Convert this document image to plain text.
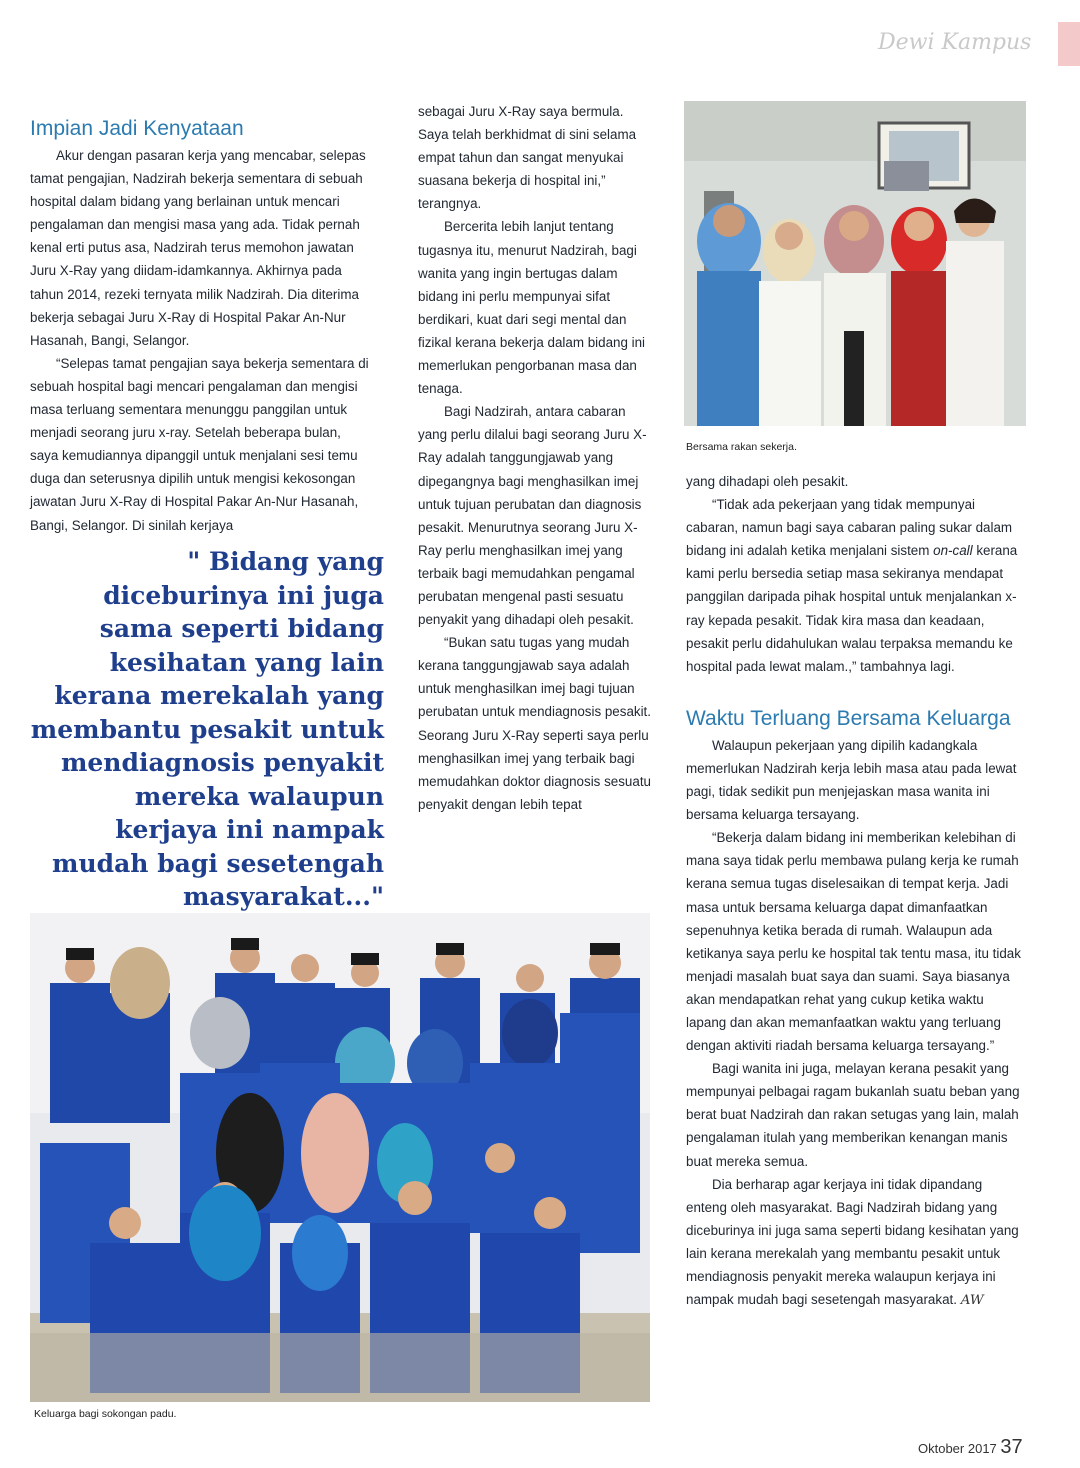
Dewi Kampus
Impian Jadi Kenyataan

Akur dengan pasaran kerja yang mencabar, selepas tamat pengajian, Nadzirah bekerja sementara di sebuah hospital dalam bidang yang berlainan untuk mencari pengalaman dan mengisi masa yang ada. Tidak pernah kenal erti putus asa, Nadzirah terus memohon jawatan Juru X-Ray yang diidam-idamkannya. Akhirnya pada tahun 2014, rezeki ternyata milik Nadzirah. Dia diterima bekerja sebagai Juru X-Ray di Hospital Pakar An-Nur Hasanah, Bangi, Selangor.

“Selepas tamat pengajian saya bekerja sementara di sebuah hospital bagi mencari pengalaman dan mengisi masa terluang sementara menunggu panggilan untuk menjadi seorang juru x-ray. Setelah beberapa bulan, saya kemudiannya dipanggil untuk menjalani sesi temu duga dan seterusnya dipilih untuk mengisi kekosongan jawatan Juru X-Ray di Hospital Pakar An-Nur Hasanah, Bangi, Selangor. Di sinilah kerjaya

" Bidang yang diceburinya ini juga sama seperti bidang kesihatan yang lain kerana merekalah yang membantu pesakit untuk mendiagnosis penyakit mereka walaupun kerjaya ini nampak mudah bagi sesetengah masyarakat..."

sebagai Juru X-Ray saya bermula. Saya telah berkhidmat di sini selama empat tahun dan sangat menyukai suasana bekerja di hospital ini,” terangnya.

Bercerita lebih lanjut tentang tugasnya itu, menurut Nadzirah, bagi wanita yang ingin bertugas dalam bidang ini perlu mempunyai sifat berdikari, kuat dari segi mental dan fizikal kerana bekerja dalam bidang ini memerlukan pengorbanan masa dan tenaga.

Bagi Nadzirah, antara cabaran yang perlu dilalui bagi seorang Juru X-Ray adalah tanggungjawab yang dipegangnya bagi menghasilkan imej untuk tujuan perubatan dan diagnosis pesakit. Menurutnya seorang Juru X-Ray perlu menghasilkan imej yang terbaik bagi memudahkan pengamal perubatan mengenal pasti sesuatu penyakit yang dihadapi oleh pesakit.

“Bukan satu tugas yang mudah kerana tanggungjawab saya adalah untuk menghasilkan imej bagi tujuan perubatan untuk mendiagnosis pesakit. Seorang Juru X-Ray seperti saya perlu menghasilkan imej yang terbaik bagi memudahkan doktor diagnosis sesuatu penyakit dengan lebih tepat

Bersama rakan sekerja.

yang dihadapi oleh pesakit.

“Tidak ada pekerjaan yang tidak mempunyai cabaran, namun bagi saya cabaran paling sukar dalam bidang ini adalah ketika menjalani sistem on-call kerana kami perlu bersedia setiap masa sekiranya mendapat panggilan daripada pihak hospital untuk menjalankan x-ray kepada pesakit. Tidak kira masa dan keadaan, pesakit perlu didahulukan walau terpaksa memandu ke hospital pada lewat malam.,” tambahnya lagi.

Waktu Terluang Bersama Keluarga

Walaupun pekerjaan yang dipilih kadangkala memerlukan Nadzirah kerja lebih masa atau pada lewat pagi, tidak sedikit pun menjejaskan masa wanita ini bersama keluarga tersayang.

“Bekerja dalam bidang ini memberikan kelebihan di mana saya tidak perlu membawa pulang kerja ke rumah kerana semua tugas diselesaikan di tempat kerja. Jadi masa untuk bersama keluarga dapat dimanfaatkan sepenuhnya ketika berada di rumah. Walaupun ada ketikanya saya perlu ke hospital tak tentu masa, itu tidak menjadi masalah buat saya dan suami. Saya biasanya akan mendapatkan rehat yang cukup ketika waktu lapang dan akan memanfaatkan waktu yang terluang dengan aktiviti riadah bersama keluarga tersayang.”

Bagi wanita ini juga, melayan kerana pesakit yang mempunyai pelbagai ragam bukanlah suatu beban yang berat buat Nadzirah dan rakan setugas yang lain, malah pengalaman itulah yang memberikan kenangan manis buat mereka semua.

Dia berharap agar kerjaya ini tidak dipandang enteng oleh masyarakat. Bagi Nadzirah bidang yang diceburinya ini juga sama seperti bidang kesihatan yang lain kerana merekalah yang membantu pesakit untuk mendiagnosis penyakit mereka walaupun kerjaya ini nampak mudah bagi sesetengah masyarakat. AW

Keluarga bagi sokongan padu.
Oktober 2017 37
